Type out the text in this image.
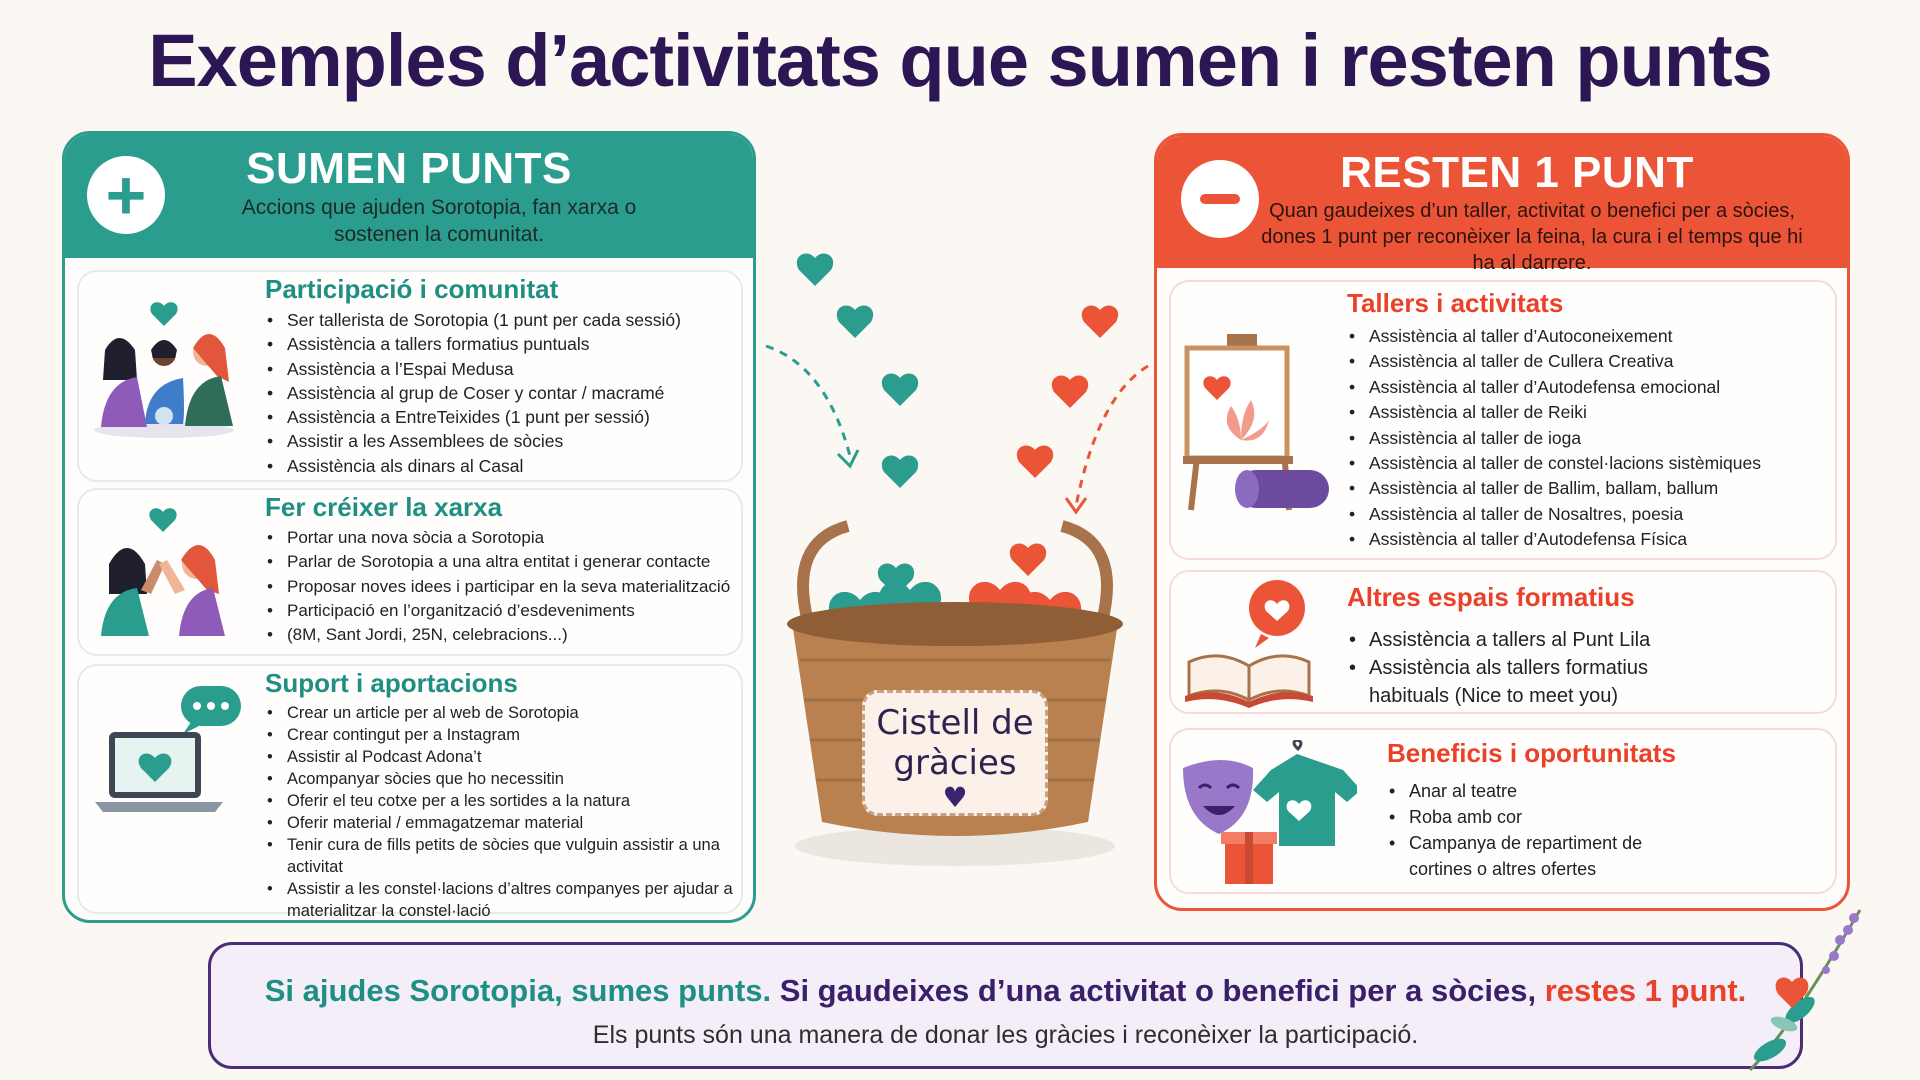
Exemples d’activitats que sumen i resten punts
+	SUMEN PUNTS
Accions que ajuden Sorotopia, fan xarxa o sostenen la comunitat.
Participació i comunitat
• Ser tallerista de Sorotopia (1 punt per cada sessió)
• Assistència a tallers formatius puntuals
• Assistència a l’Espai Medusa
• Assistència al grup de Coser y contar / macramé
• Assistència a EntreTeixides (1 punt per sessió)
• Assistir a les Assemblees de sòcies
• Assistència als dinars al Casal
Fer créixer la xarxa
• Portar una nova sòcia a Sorotopia
• Parlar de Sorotopia a una altra entitat i generar contacte
• Proposar noves idees i participar en la seva materialització
• Participació en l’organització d’esdeveniments
• (8M, Sant Jordi, 25N, celebracions...)
Suport i aportacions
• Crear un article per al web de Sorotopia
• Crear contingut per a Instagram
• Assistir al Podcast Adona’t
• Acompanyar sòcies que ho necessitin
• Oferir el teu cotxe per a les sortides a la natura
• Oferir material / emmagatzemar material
• Tenir cura de fills petits de sòcies que vulguin assistir a una activitat
• Assistir a les constel·lacions d’altres companyes per ajudar a materialitzar la constel·lació
Cistell de
gràcies
♥
RESTEN 1 PUNT
Quan gaudeixes d’un taller, activitat o benefici per a sòcies, dones 1 punt per reconèixer la feina, la cura i el temps que hi ha al darrere.
Tallers i activitats
• Assistència al taller d’Autoconeixement
• Assistència al taller de Cullera Creativa
• Assistència al taller d’Autodefensa emocional
• Assistència al taller de Reiki
• Assistència al taller de ioga
• Assistència al taller de constel·lacions sistèmiques
• Assistència al taller de Ballim, ballam, ballum
• Assistència al taller de Nosaltres, poesia
• Assistència al taller d’Autodefensa Física
Altres espais formatius
• Assistència a tallers al Punt Lila
• Assistència als tallers formatius habituals (Nice to meet you)
Beneficis i oportunitats
• Anar al teatre
• Roba amb cor
• Campanya de repartiment de cortines o altres ofertes
Si ajudes Sorotopia, sumes punts. Si gaudeixes d’una activitat o benefici per a sòcies, restes 1 punt.
Els punts són una manera de donar les gràcies i reconèixer la participació.
